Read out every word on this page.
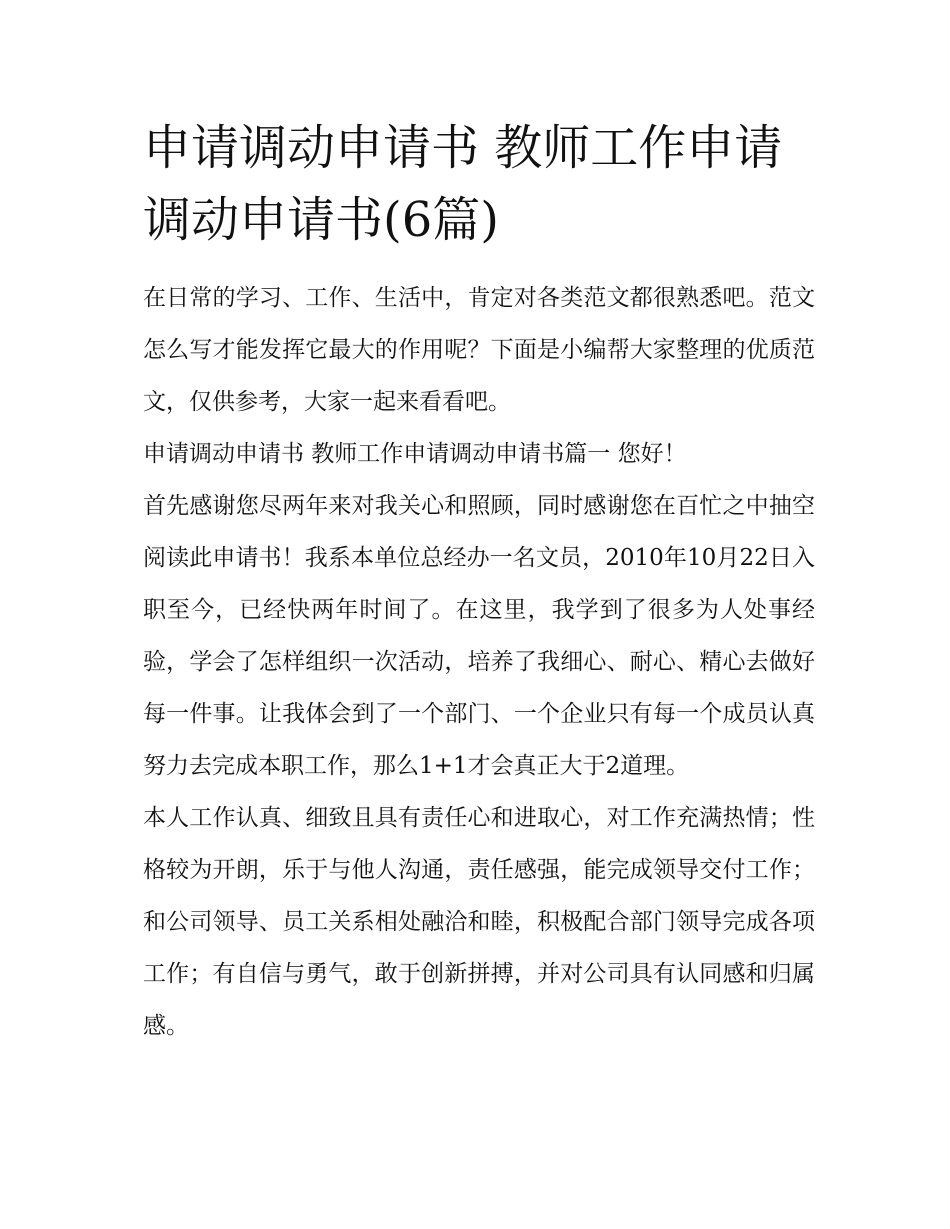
申请调动申请书 教师工作申请调动申请书(6篇)

在日常的学习、工作、生活中，肯定对各类范文都很熟悉吧。范文怎么写才能发挥它最大的作用呢？下面是小编帮大家整理的优质范文，仅供参考，大家一起来看看吧。

申请调动申请书 教师工作申请调动申请书篇一 您好！

首先感谢您尽两年来对我关心和照顾，同时感谢您在百忙之中抽空阅读此申请书！我系本单位总经办一名文员，2010年10月22日入职至今，已经快两年时间了。在这里，我学到了很多为人处事经验，学会了怎样组织一次活动，培养了我细心、耐心、精心去做好每一件事。让我体会到了一个部门、一个企业只有每一个成员认真努力去完成本职工作，那么1+1才会真正大于2道理。

本人工作认真、细致且具有责任心和进取心，对工作充满热情；性格较为开朗，乐于与他人沟通，责任感强，能完成领导交付工作；和公司领导、员工关系相处融洽和睦，积极配合部门领导完成各项工作；有自信与勇气，敢于创新拼搏，并对公司具有认同感和归属感。
